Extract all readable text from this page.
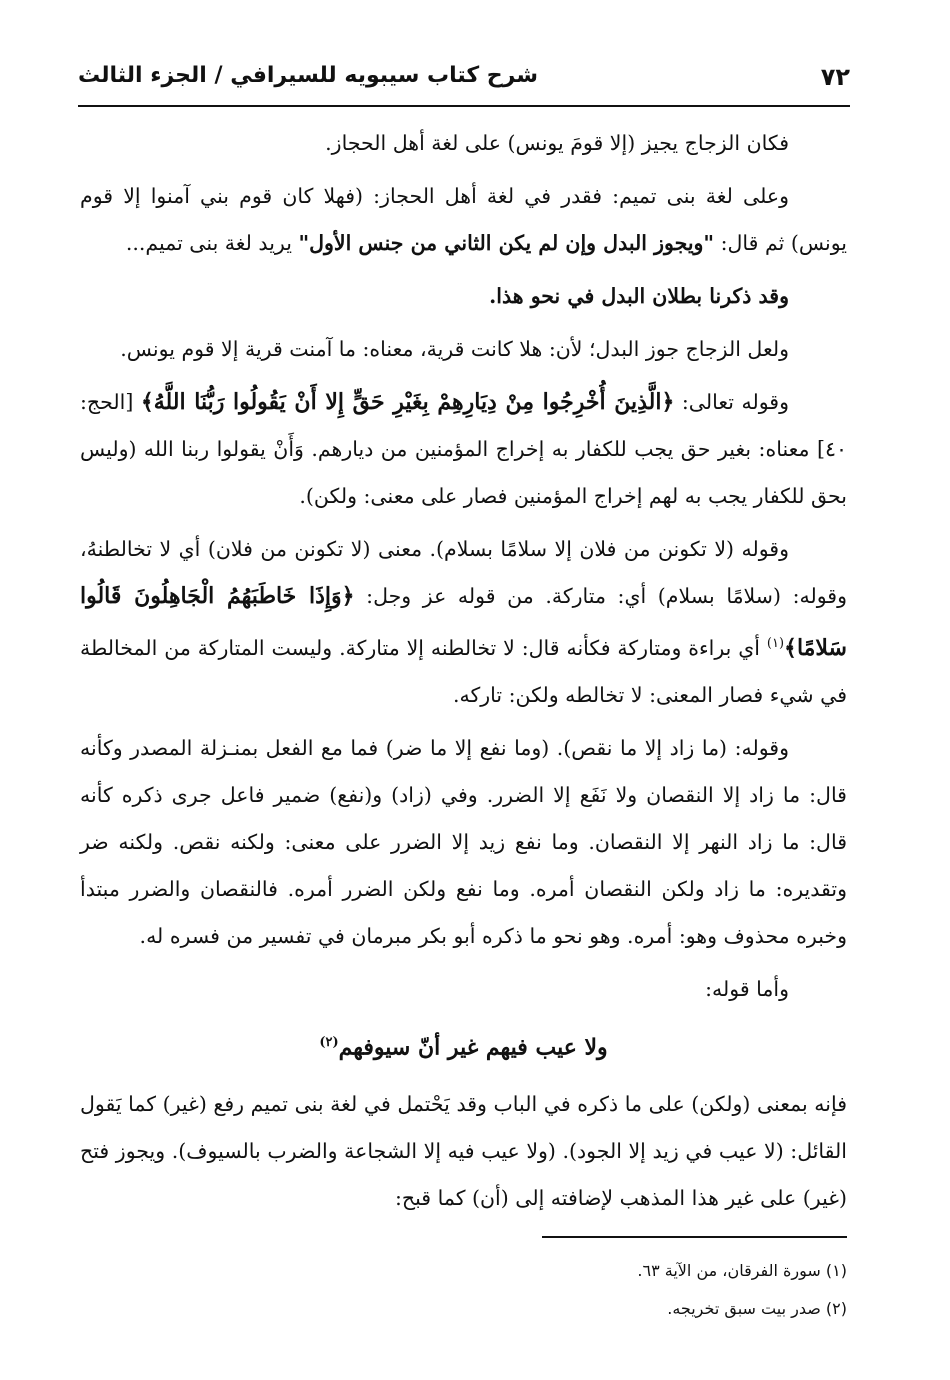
٧٢
شرح كتاب سيبويه للسيرافي / الجزء الثالث

فكان الزجاج يجيز (إلا قومَ يونس) على لغة أهل الحجاز.

وعلى لغة بنى تميم: فقدر في لغة أهل الحجاز: (فهلا كان قوم بني آمنوا إلا قوم يونس) ثم قال: "ويجوز البدل وإن لم يكن الثاني من جنس الأول" يريد لغة بنى تميم...

وقد ذكرنا بطلان البدل في نحو هذا.

ولعل الزجاج جوز البدل؛ لأن: هلا كانت قرية، معناه: ما آمنت قرية إلا قوم يونس.

وقوله تعالى: ﴿الَّذِينَ أُخْرِجُوا مِنْ دِيَارِهِمْ بِغَيْرِ حَقٍّ إِلا أَنْ يَقُولُوا رَبُّنَا اللَّهُ﴾ [الحج: ٤٠] معناه: بغير حق يجب للكفار به إخراج المؤمنين من ديارهم. وَأَنْ يقولوا ربنا الله (وليس بحق للكفار يجب به لهم إخراج المؤمنين فصار على معنى: ولكن).

وقوله (لا تكونن من فلان إلا سلامًا بسلام). معنى (لا تكونن من فلان) أي لا تخالطنهُ، وقوله: (سلامًا بسلام) أي: متاركة. من قوله عز وجل: ﴿وَإِذَا خَاطَبَهُمُ الْجَاهِلُونَ قَالُوا سَلامًا﴾$^{(١)}$ أي براءة ومتاركة فكأنه قال: لا تخالطنه إلا متاركة. وليست المتاركة من المخالطة في شيء فصار المعنى: لا تخالطه ولكن: تاركه.

وقوله: (ما زاد إلا ما نقص). (وما نفع إلا ما ضر) فما مع الفعل بمنـزلة المصدر وكأنه قال: ما زاد إلا النقصان ولا نَفَع إلا الضرر. وفي (زاد) و(نفع) ضمير فاعل جرى ذكره كأنه قال: ما زاد النهر إلا النقصان. وما نفع زيد إلا الضرر على معنى: ولكنه نقص. ولكنه ضر وتقديره: ما زاد ولكن النقصان أمره. وما نفع ولكن الضرر أمره. فالنقصان والضرر مبتدأ وخبره محذوف وهو: أمره. وهو نحو ما ذكره أبو بكر مبرمان في تفسير من فسره له.

وأما قوله:

ولا عيب فيهم غير أنّ سيوفهم$^{(٢)}$

فإنه بمعنى (ولكن) على ما ذكره في الباب وقد يَحْتمل في لغة بنى تميم رفع (غير) كما يَقول القائل: (لا عيب في زيد إلا الجود). (ولا عيب فيه إلا الشجاعة والضرب بالسيوف). ويجوز فتح (غير) على غير هذا المذهب لإضافته إلى (أن) كما قبح:

(١) سورة الفرقان، من الآية ٦٣.
(٢) صدر بيت سبق تخريجه.
